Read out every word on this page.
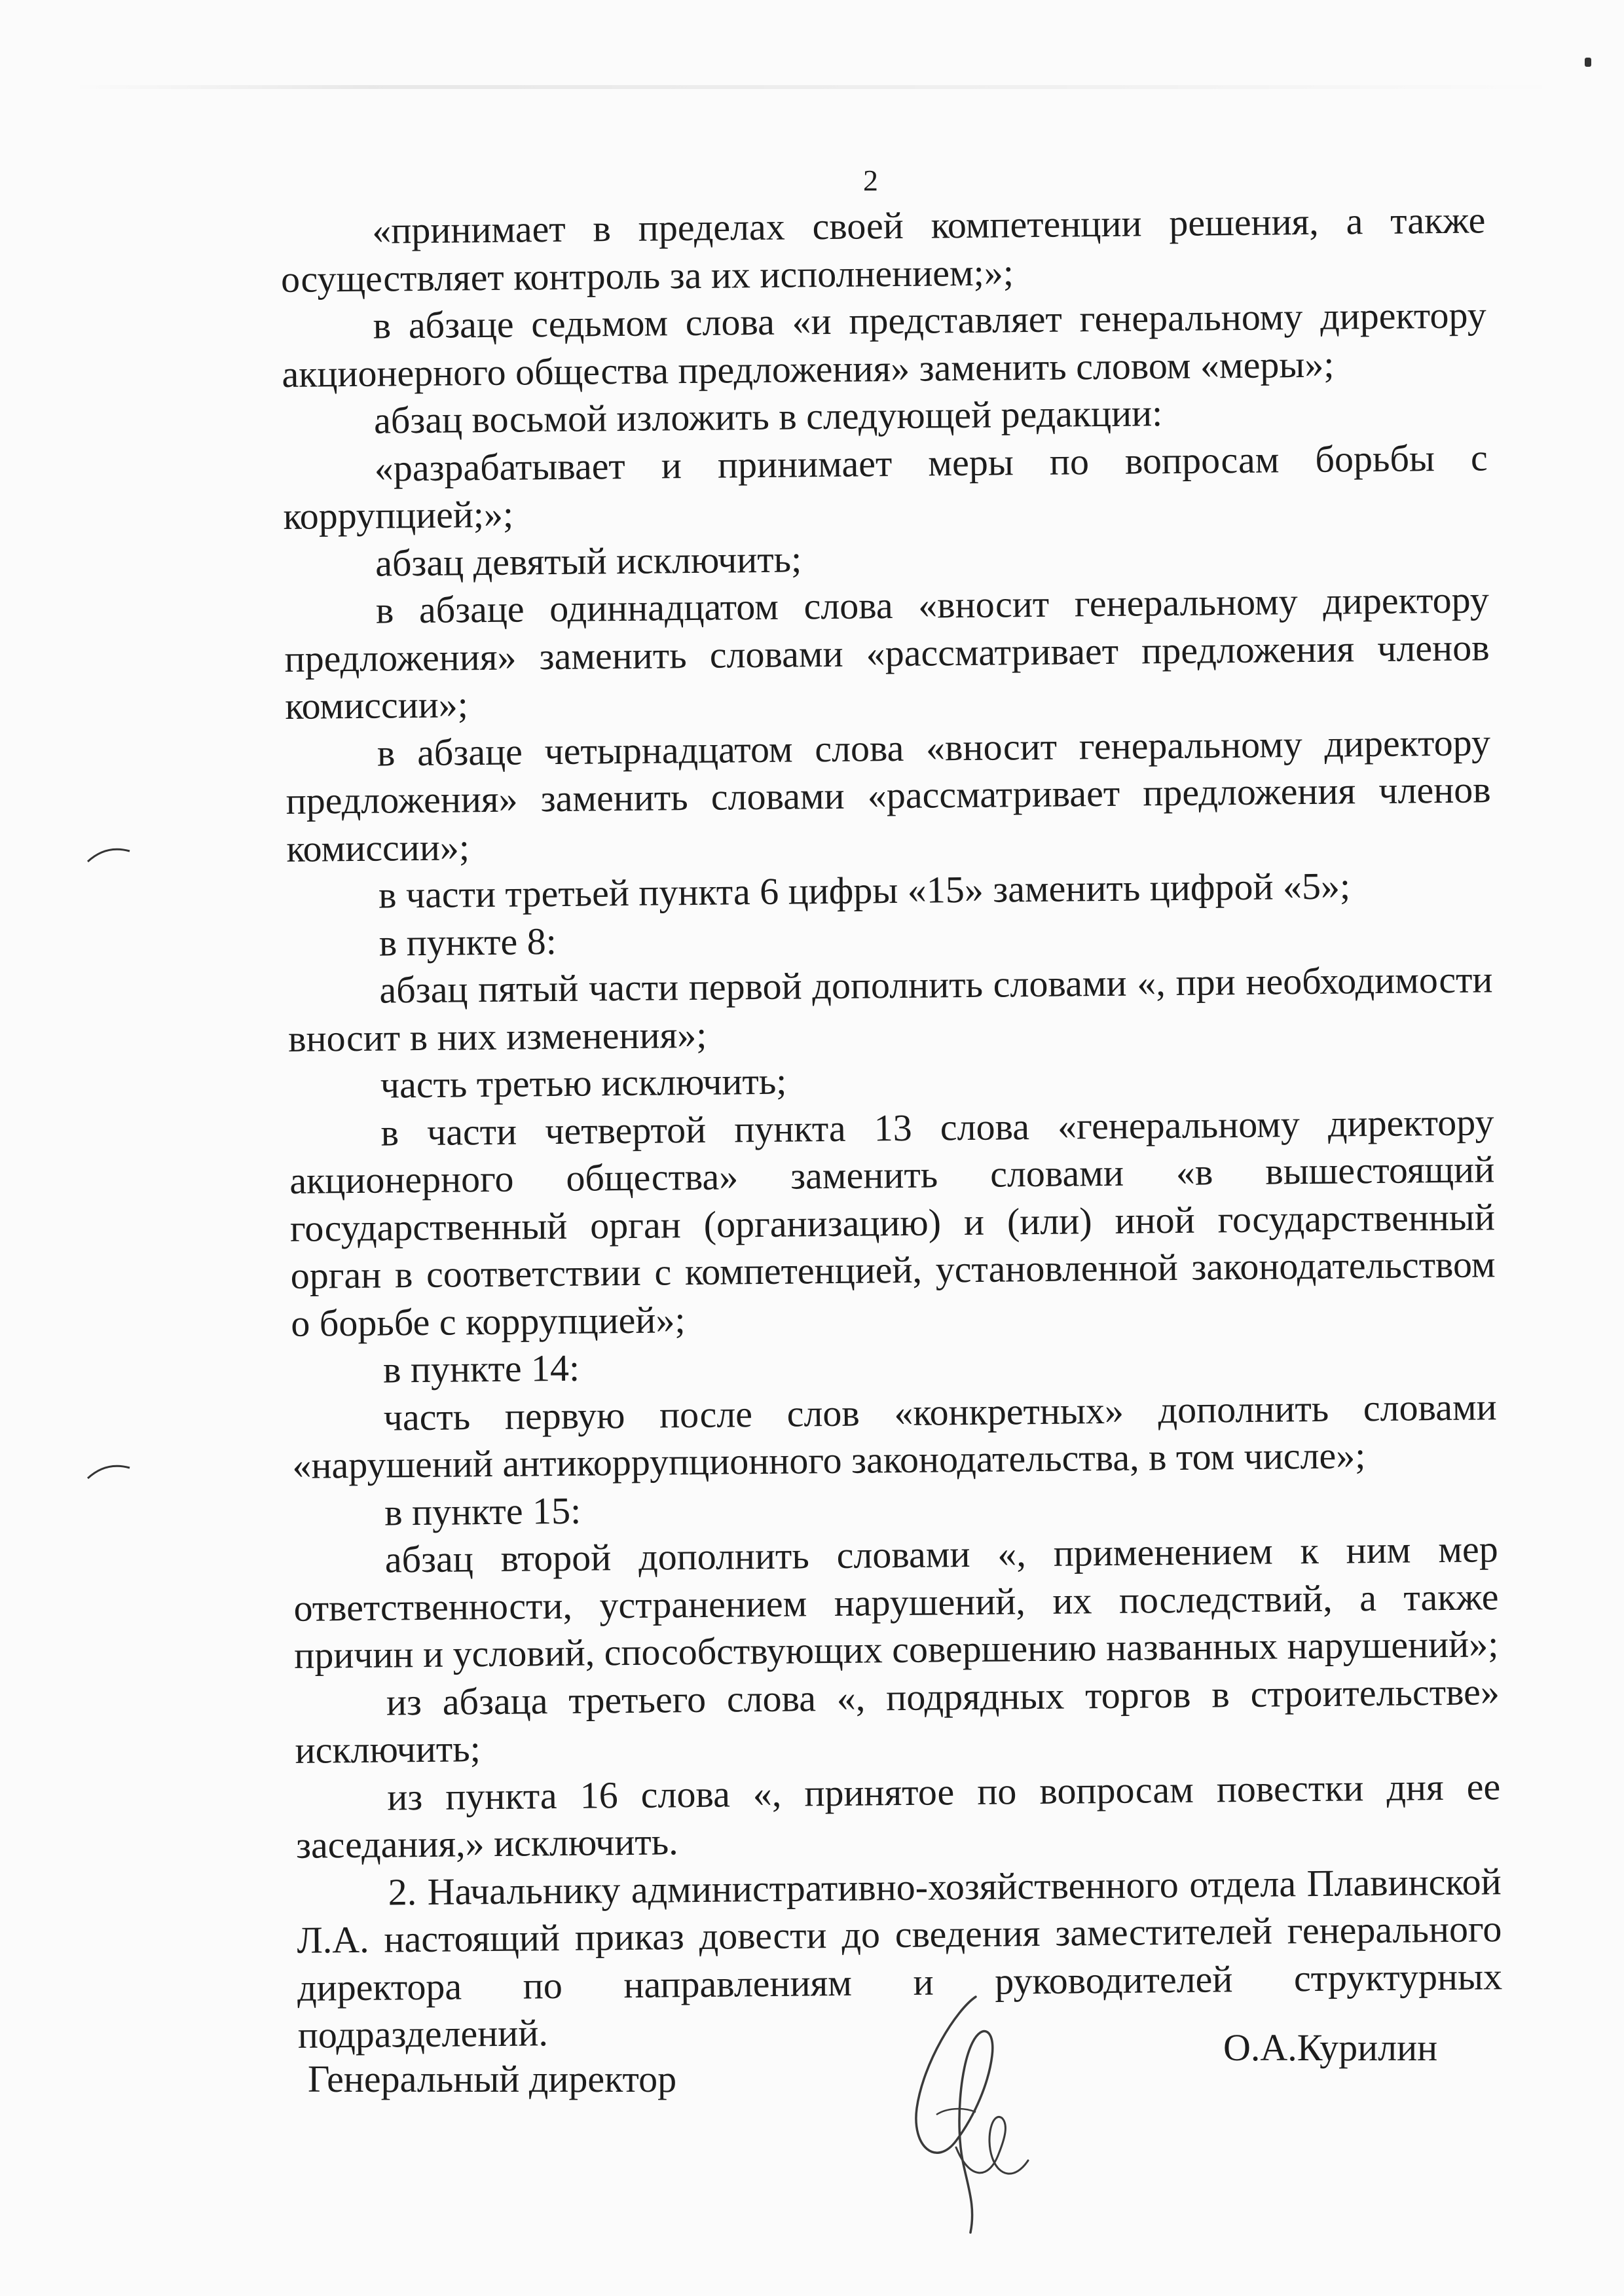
2

«принимает в пределах своей компетенции решения, а также осуществляет контроль за их исполнением;»;

в абзаце седьмом слова «и представляет генеральному директору акционерного общества предложения» заменить словом «меры»;

абзац восьмой изложить в следующей редакции:

«разрабатывает и принимает меры по вопросам борьбы с коррупцией;»;

абзац девятый исключить;

в абзаце одиннадцатом слова «вносит генеральному директору предложения» заменить словами «рассматривает предложения членов комиссии»;

в абзаце четырнадцатом слова «вносит генеральному директору предложения» заменить словами «рассматривает предложения членов комиссии»;

в части третьей пункта 6 цифры «15» заменить цифрой «5»;

в пункте 8:

абзац пятый части первой дополнить словами «, при необходимости вносит в них изменения»;

часть третью исключить;

в части четвертой пункта 13 слова «генеральному директору акционерного общества» заменить словами «в вышестоящий государственный орган (организацию) и (или) иной государственный орган в соответствии с компетенцией, установленной законодательством о борьбе с коррупцией»;

в пункте 14:

часть первую после слов «конкретных» дополнить словами «нарушений антикоррупционного законодательства, в том числе»;

в пункте 15:

абзац второй дополнить словами «, применением к ним мер ответственности, устранением нарушений, их последствий, а также причин и условий, способствующих совершению названных нарушений»;

из абзаца третьего слова «, подрядных торгов в строительстве» исключить;

из пункта 16 слова «, принятое по вопросам повестки дня ее заседания,» исключить.

2. Начальнику административно-хозяйственного отдела Плавинской Л.А. настоящий приказ довести до сведения заместителей генерального директора по направлениям и руководителей структурных подразделений.

Генеральный директор
О.А.Курилин
